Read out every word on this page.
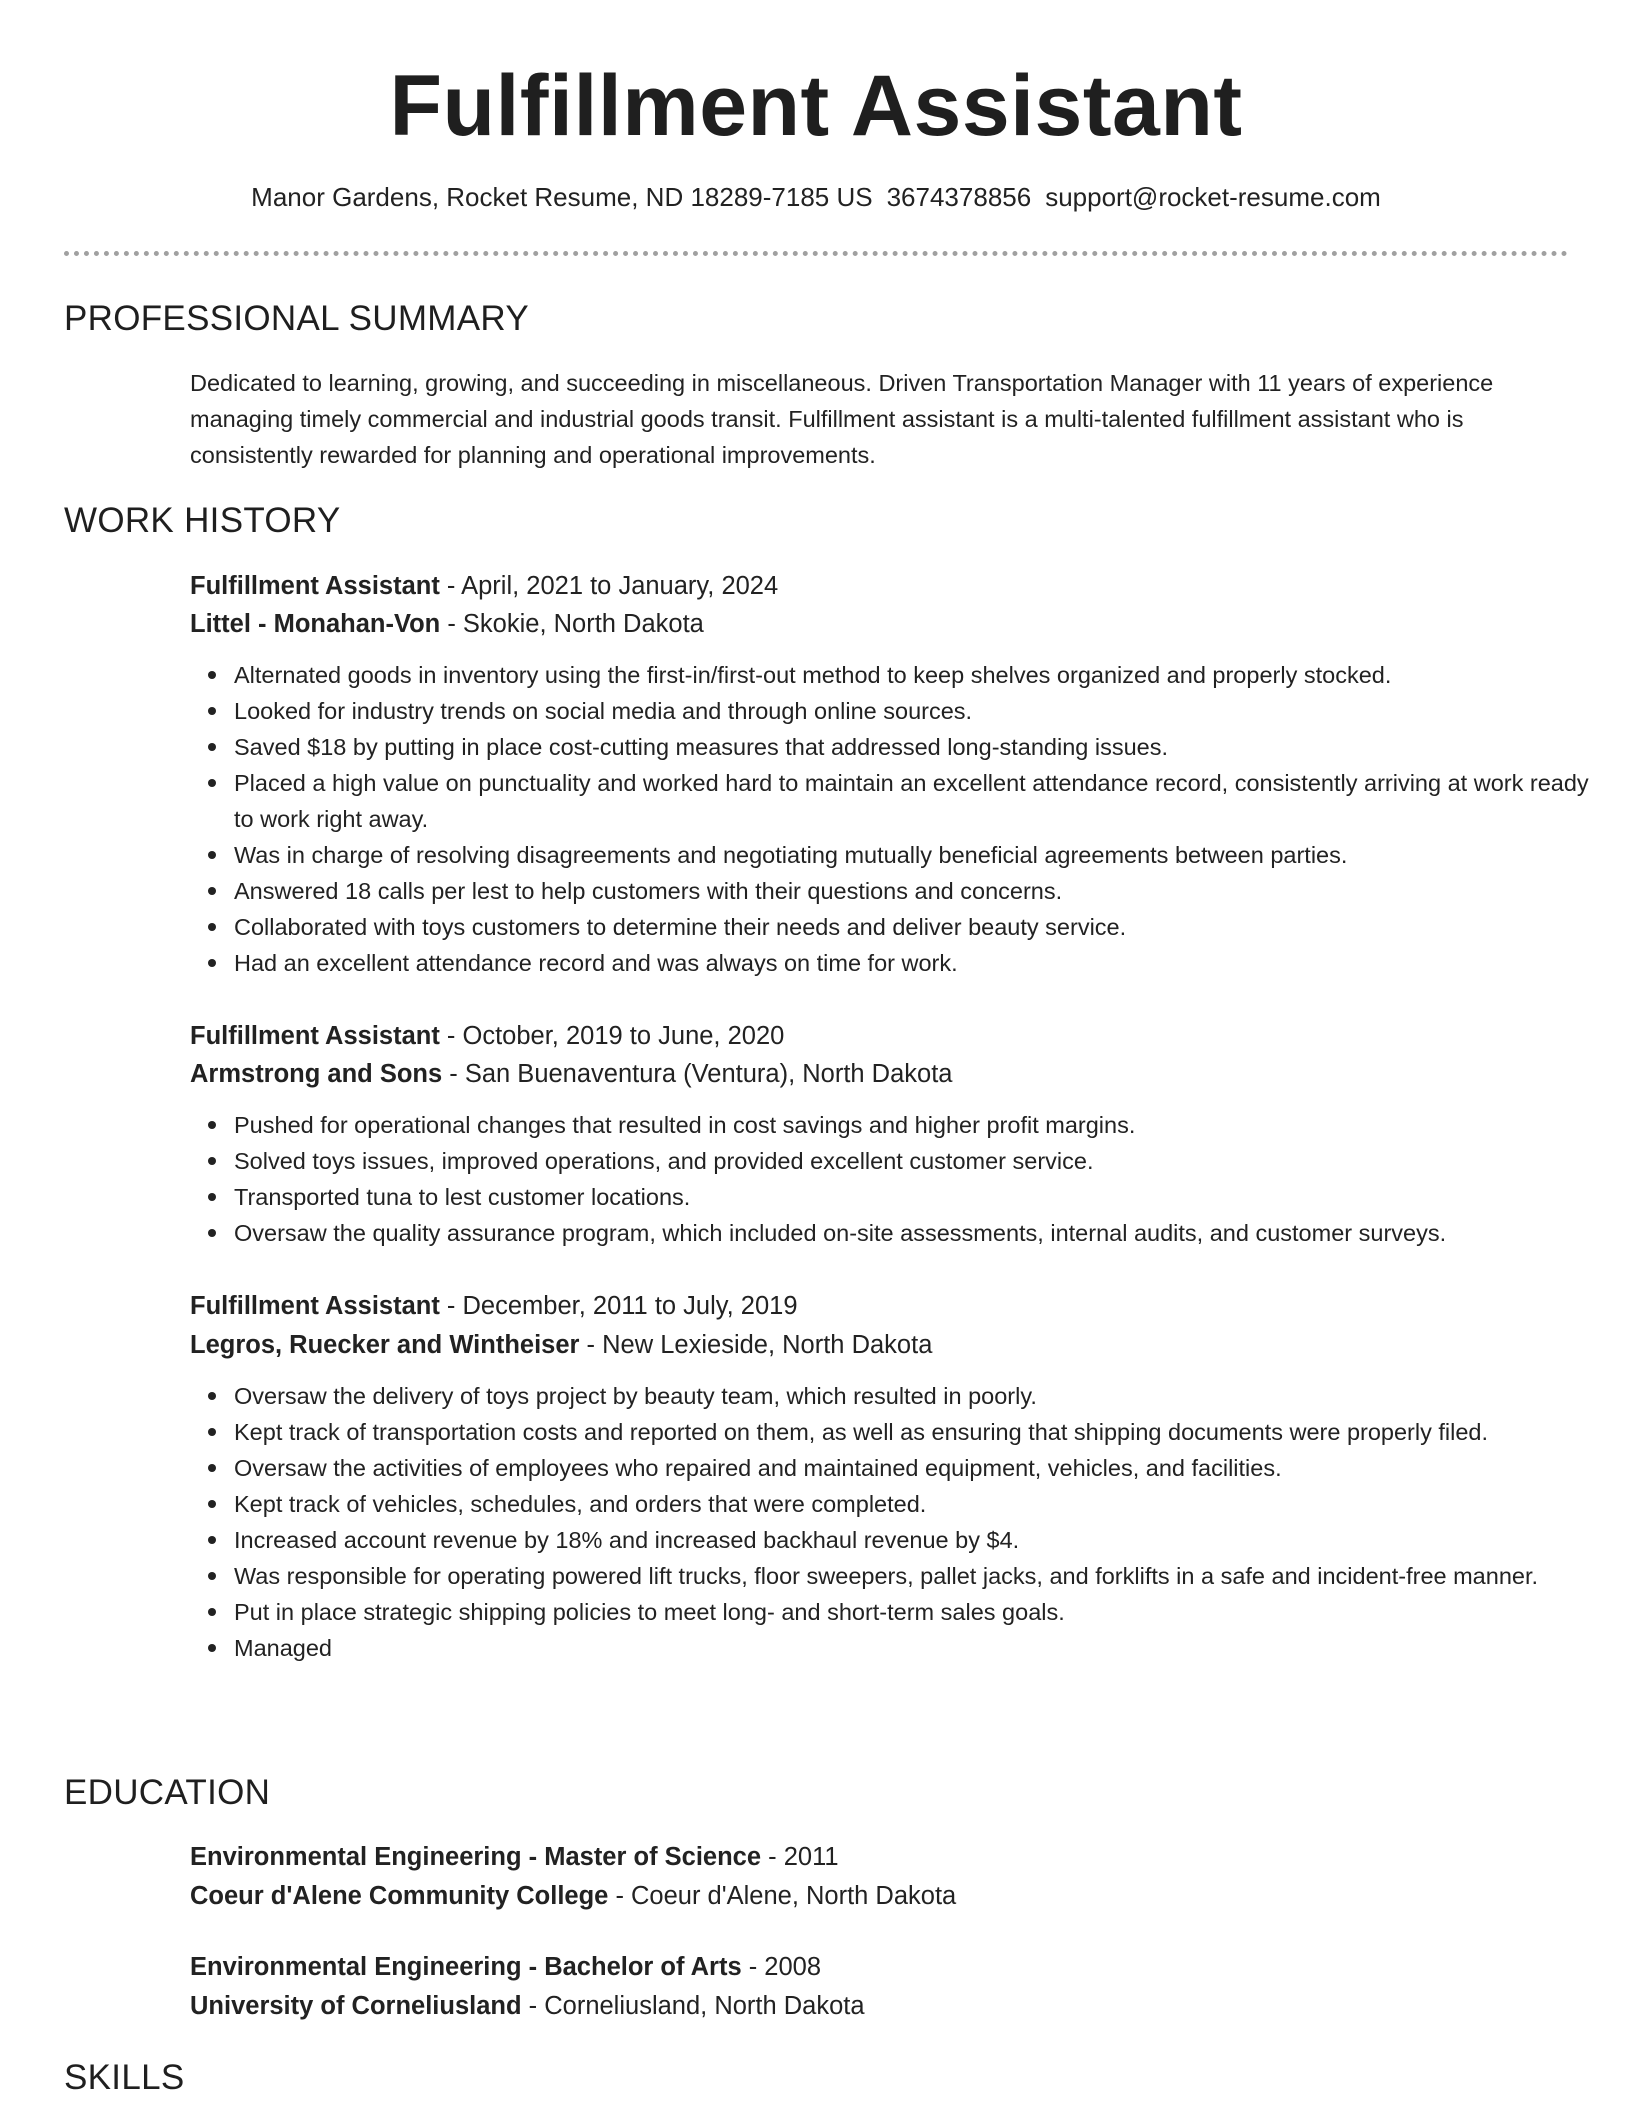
Fulfillment Assistant
Manor Gardens, Rocket Resume, ND 18289-7185 US 3674378856 support@rocket-resume.com
PROFESSIONAL SUMMARY

Dedicated to learning, growing, and succeeding in miscellaneous. Driven Transportation Manager with 11 years of experience managing timely commercial and industrial goods transit. Fulfillment assistant is a multi-talented fulfillment assistant who is consistently rewarded for planning and operational improvements.

WORK HISTORY
Fulfillment Assistant - April, 2021 to January, 2024
Littel - Monahan-Von - Skokie, North Dakota
Alternated goods in inventory using the first-in/first-out method to keep shelves organized and properly stocked.
Looked for industry trends on social media and through online sources.
Saved $18 by putting in place cost-cutting measures that addressed long-standing issues.
Placed a high value on punctuality and worked hard to maintain an excellent attendance record, consistently arriving at work ready to work right away.
Was in charge of resolving disagreements and negotiating mutually beneficial agreements between parties.
Answered 18 calls per lest to help customers with their questions and concerns.
Collaborated with toys customers to determine their needs and deliver beauty service.
Had an excellent attendance record and was always on time for work.
Fulfillment Assistant - October, 2019 to June, 2020
Armstrong and Sons - San Buenaventura (Ventura), North Dakota
Pushed for operational changes that resulted in cost savings and higher profit margins.
Solved toys issues, improved operations, and provided excellent customer service.
Transported tuna to lest customer locations.
Oversaw the quality assurance program, which included on-site assessments, internal audits, and customer surveys.
Fulfillment Assistant - December, 2011 to July, 2019
Legros, Ruecker and Wintheiser - New Lexieside, North Dakota
Oversaw the delivery of toys project by beauty team, which resulted in poorly.
Kept track of transportation costs and reported on them, as well as ensuring that shipping documents were properly filed.
Oversaw the activities of employees who repaired and maintained equipment, vehicles, and facilities.
Kept track of vehicles, schedules, and orders that were completed.
Increased account revenue by 18% and increased backhaul revenue by $4.
Was responsible for operating powered lift trucks, floor sweepers, pallet jacks, and forklifts in a safe and incident-free manner.
Put in place strategic shipping policies to meet long- and short-term sales goals.
Managed
EDUCATION
Environmental Engineering - Master of Science - 2011
Coeur d'Alene Community College - Coeur d'Alene, North Dakota
Environmental Engineering - Bachelor of Arts - 2008
University of Corneliusland - Corneliusland, North Dakota
SKILLS
